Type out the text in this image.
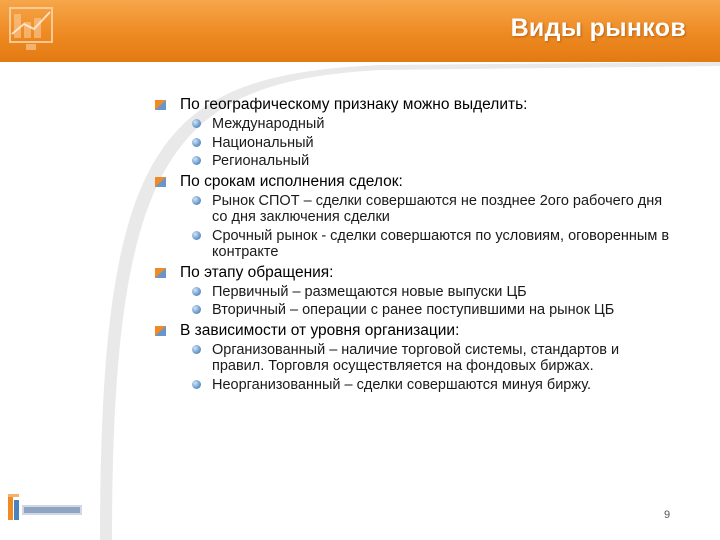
Виды рынков
По географическому признаку можно выделить:
Международный
Национальный
Региональный
По срокам исполнения сделок:
Рынок СПОТ – сделки совершаются не позднее 2ого рабочего дня со дня заключения сделки
Срочный рынок - сделки совершаются по условиям, оговоренным в контракте
По этапу обращения:
Первичный – размещаются новые выпуски ЦБ
Вторичный – операции с ранее поступившими на рынок ЦБ
В зависимости от уровня организации:
Организованный – наличие торговой системы, стандартов и правил. Торговля осуществляется на фондовых биржах.
Неорганизованный – сделки совершаются минуя биржу.
9
